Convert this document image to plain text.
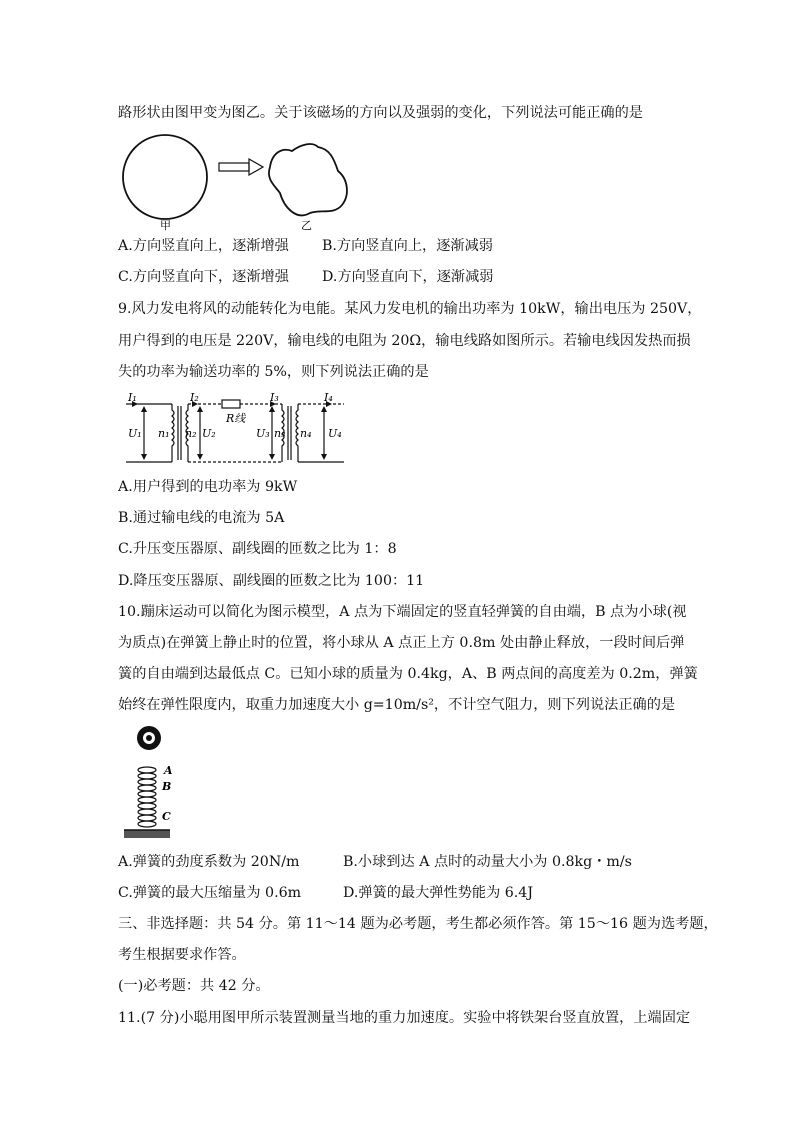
路形状由图甲变为图乙。关于该磁场的方向以及强弱的变化，下列说法可能正确的是
甲	乙
A.方向竖直向上，逐渐增强 B.方向竖直向上，逐渐减弱
C.方向竖直向下，逐渐增强 D.方向竖直向下，逐渐减弱
9.风力发电将风的动能转化为电能。某风力发电机的输出功率为 10kW，输出电压为 250V，
用户得到的电压是 220V，输电线的电阻为 20Ω，输电线路如图所示。若输电线因发热而损
失的功率为输送功率的 5%，则下列说法正确的是
I₁	I₂	I₃	I₄
R线
U₁ n₁ n₂ U₂	U₃ n₃ n₄ U₄
A.用户得到的电功率为 9kW
B.通过输电线的电流为 5A
C.升压变压器原、副线圈的匝数之比为 1：8
D.降压变压器原、副线圈的匝数之比为 100：11
10.蹦床运动可以简化为图示模型，A 点为下端固定的竖直轻弹簧的自由端，B 点为小球(视
为质点)在弹簧上静止时的位置，将小球从 A 点正上方 0.8m 处由静止释放，一段时间后弹
簧的自由端到达最低点 C。已知小球的质量为 0.4kg，A、B 两点间的高度差为 0.2m，弹簧
始终在弹性限度内，取重力加速度大小 g=10m/s²，不计空气阻力，则下列说法正确的是
A
B
C
A.弹簧的劲度系数为 20N/m	B.小球到达 A 点时的动量大小为 0.8kg・m/s
C.弹簧的最大压缩量为 0.6m	D.弹簧的最大弹性势能为 6.4J
三、非选择题：共 54 分。第 11～14 题为必考题，考生都必须作答。第 15～16 题为选考题，
考生根据要求作答。
(一)必考题：共 42 分。
11.(7 分)小聪用图甲所示装置测量当地的重力加速度。实验中将铁架台竖直放置，上端固定
